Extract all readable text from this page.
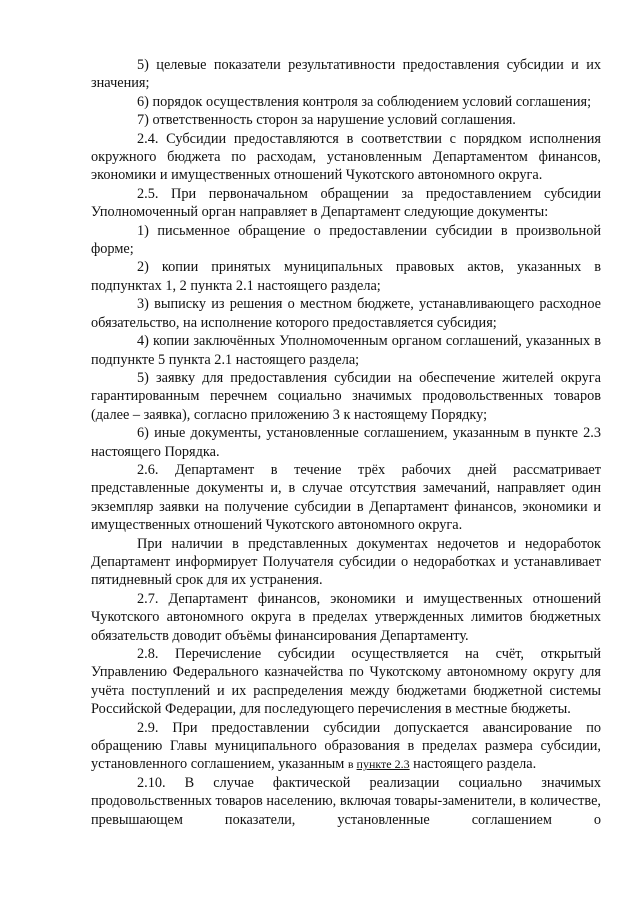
5) целевые показатели результативности предоставления субсидии и их значения;

6) порядок осуществления контроля за соблюдением условий соглашения;

7) ответственность сторон за нарушение условий соглашения.

2.4. Субсидии предоставляются в соответствии с порядком исполнения окружного бюджета по расходам, установленным Департаментом финансов, экономики и имущественных отношений Чукотского автономного округа.

2.5. При первоначальном обращении за предоставлением субсидии Уполномоченный орган направляет в Департамент следующие документы:

1) письменное обращение о предоставлении субсидии в произвольной форме;

2) копии принятых муниципальных правовых актов, указанных в подпунктах 1, 2 пункта 2.1 настоящего раздела;

3) выписку из решения о местном бюджете, устанавливающего расходное обязательство, на исполнение которого предоставляется субсидия;

4) копии заключённых Уполномоченным органом соглашений, указанных в подпункте 5 пункта 2.1 настоящего раздела;

5) заявку для предоставления субсидии на обеспечение жителей округа гарантированным перечнем социально значимых продовольственных товаров (далее – заявка), согласно приложению 3 к настоящему Порядку;

6) иные документы, установленные соглашением, указанным в пункте 2.3 настоящего Порядка.

2.6. Департамент в течение трёх рабочих дней рассматривает представленные документы и, в случае отсутствия замечаний, направляет один экземпляр заявки на получение субсидии в Департамент финансов, экономики и имущественных отношений Чукотского автономного округа.

При наличии в представленных документах недочетов и недоработок Департамент информирует Получателя субсидии о недоработках и устанавливает пятидневный срок для их устранения.

2.7. Департамент финансов, экономики и имущественных отношений Чукотского автономного округа в пределах утвержденных лимитов бюджетных обязательств доводит объёмы финансирования Департаменту.

2.8. Перечисление субсидии осуществляется на счёт, открытый Управлению Федерального казначейства по Чукотскому автономному округу для учёта поступлений и их распределения между бюджетами бюджетной системы Российской Федерации, для последующего перечисления в местные бюджеты.

2.9. При предоставлении субсидии допускается авансирование по обращению Главы муниципального образования в пределах размера субсидии, установленного соглашением, указанным в пункте 2.3 настоящего раздела.

2.10. В случае фактической реализации социально значимых продовольственных товаров населению, включая товары-заменители, в количестве, превышающем показатели, установленные соглашением о
